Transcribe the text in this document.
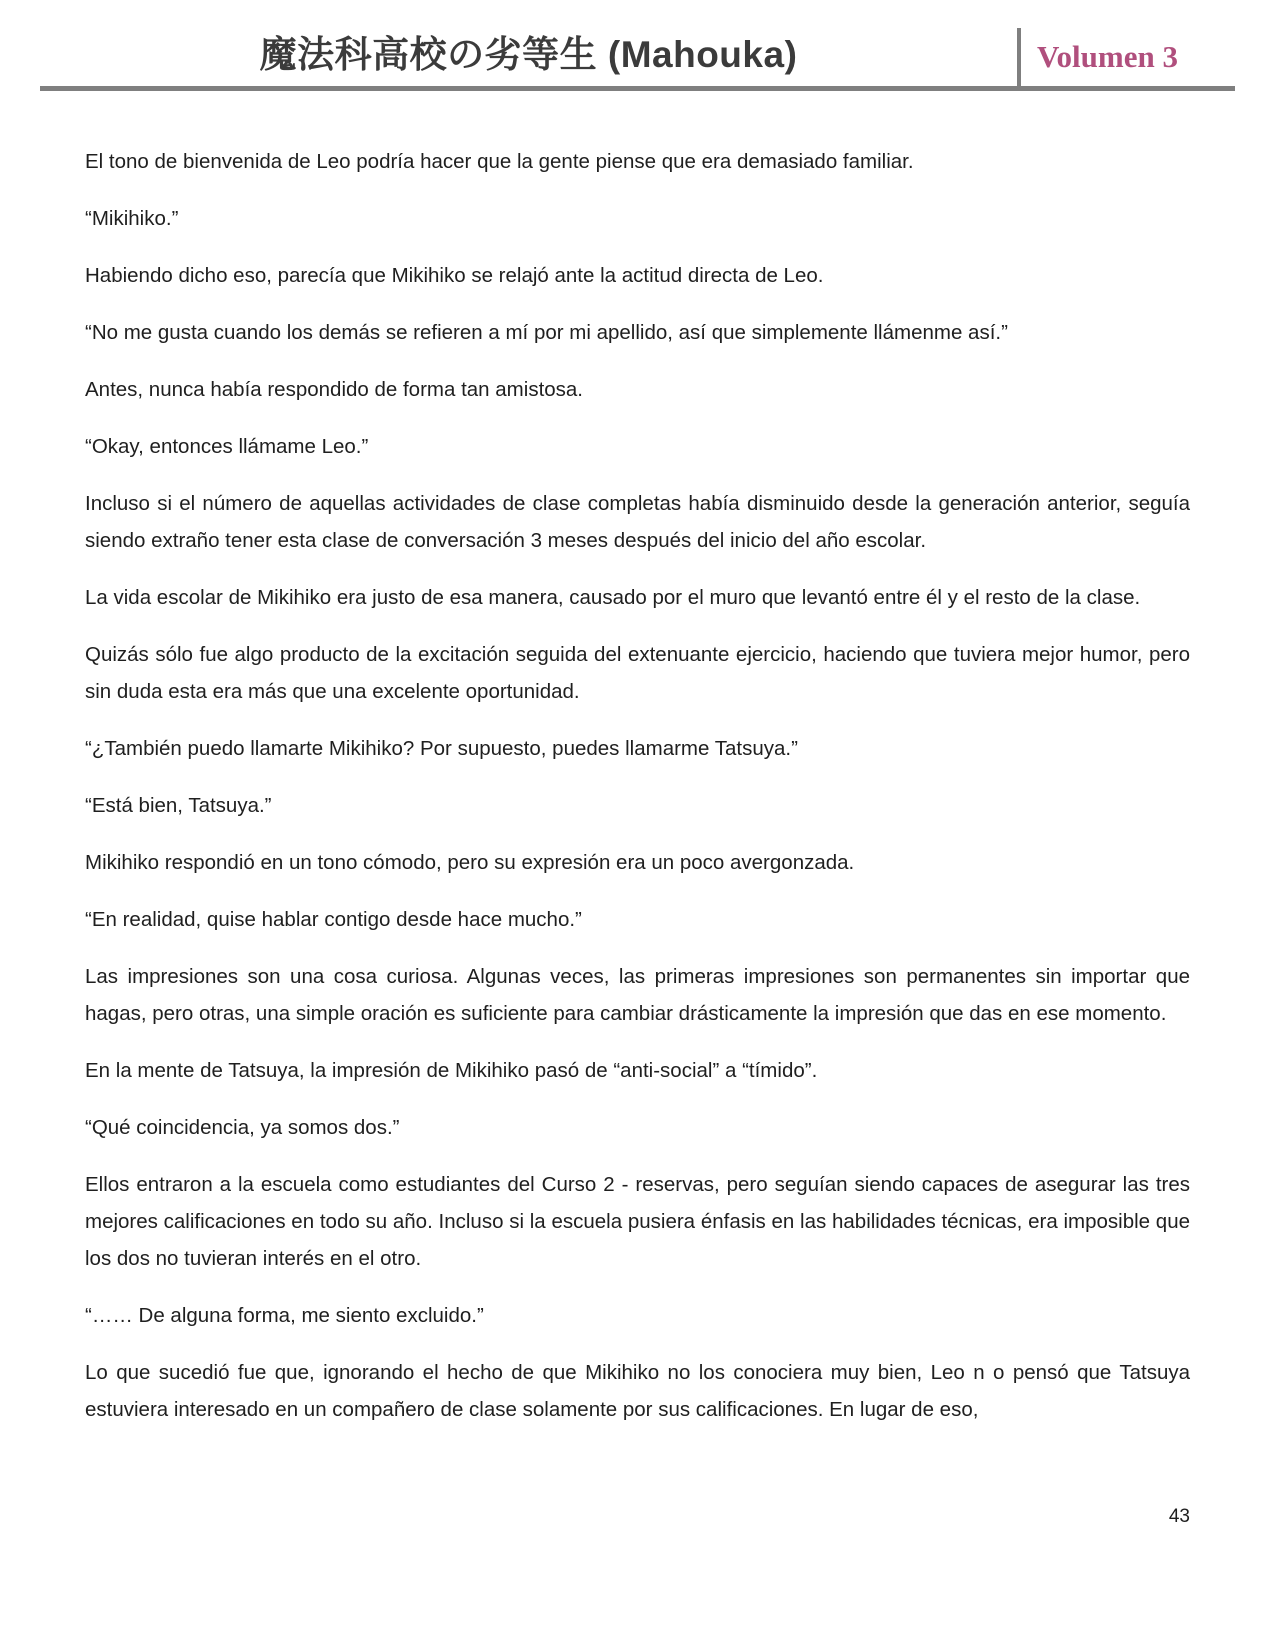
魔法科高校の劣等生 (Mahouka)	Volumen 3

El tono de bienvenida de Leo podría hacer que la gente piense que era demasiado familiar.

“Mikihiko.”

Habiendo dicho eso, parecía que Mikihiko se relajó ante la actitud directa de Leo.

“No me gusta cuando los demás se refieren a mí por mi apellido, así que simplemente llámenme así.”

Antes, nunca había respondido de forma tan amistosa.

“Okay, entonces llámame Leo.”

Incluso si el número de aquellas actividades de clase completas había disminuido desde la generación anterior, seguía siendo extraño tener esta clase de conversación 3 meses después del inicio del año escolar.

La vida escolar de Mikihiko era justo de esa manera, causado por el muro que levantó entre él y el resto de la clase.

Quizás sólo fue algo producto de la excitación seguida del extenuante ejercicio, haciendo que tuviera mejor humor, pero sin duda esta era más que una excelente oportunidad.

“¿También puedo llamarte Mikihiko? Por supuesto, puedes llamarme Tatsuya.”

“Está bien, Tatsuya.”

Mikihiko respondió en un tono cómodo, pero su expresión era un poco avergonzada.

“En realidad, quise hablar contigo desde hace mucho.”

Las impresiones son una cosa curiosa. Algunas veces, las primeras impresiones son permanentes sin importar que hagas, pero otras, una simple oración es suficiente para cambiar drásticamente la impresión que das en ese momento.

En la mente de Tatsuya, la impresión de Mikihiko pasó de “anti-social” a “tímido”.

“Qué coincidencia, ya somos dos.”

Ellos entraron a la escuela como estudiantes del Curso 2 - reservas, pero seguían siendo capaces de asegurar las tres mejores calificaciones en todo su año. Incluso si la escuela pusiera énfasis en las habilidades técnicas, era imposible que los dos no tuvieran interés en el otro.

“…… De alguna forma, me siento excluido.”

Lo que sucedió fue que, ignorando el hecho de que Mikihiko no los conociera muy bien, Leo n o pensó que Tatsuya estuviera interesado en un compañero de clase solamente por sus calificaciones. En lugar de eso,

43
